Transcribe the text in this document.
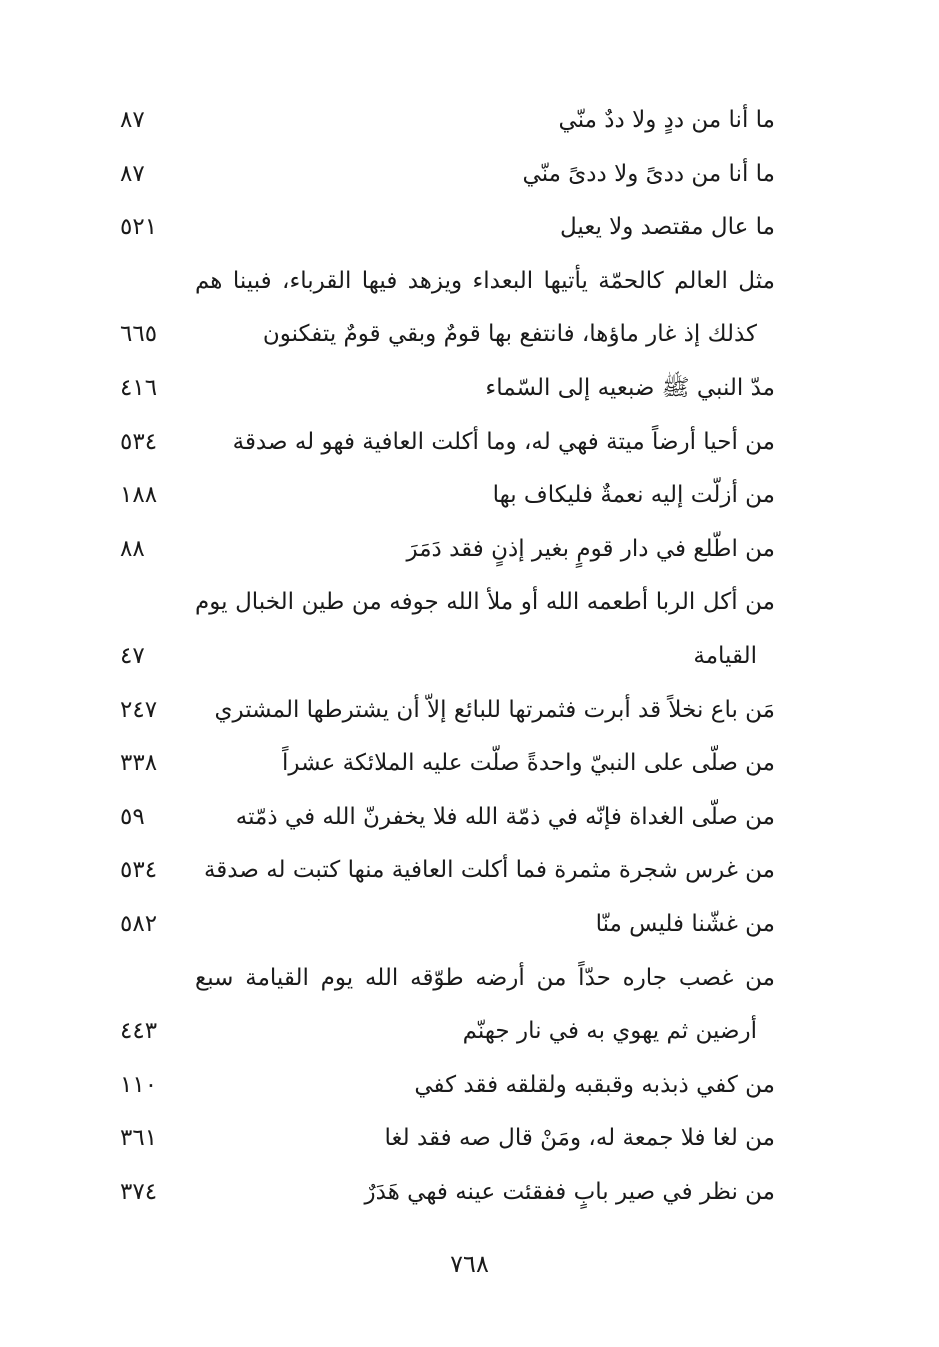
ما أنا من ددٍ ولا ددٌ منّي
٨٧
ما أنا من ددىً ولا ددىً منّي
٨٧
ما عال مقتصد ولا يعيل
٥٢١
مثل العالم كالحمّة يأتيها البعداء ويزهد فيها القرباء، فبينا هم
كذلك إذ غار ماؤها، فانتفع بها قومٌ وبقي قومٌ يتفكنون
٦٦٥
مدّ النبي ﷺ ضبعيه إلى السّماء
٤١٦
من أحيا أرضاً ميتة فهي له، وما أكلت العافية فهو له صدقة
٥٣٤
من أزلّت إليه نعمةٌ فليكاف بها
١٨٨
من اطّلع في دار قومٍ بغير إذنٍ فقد دَمَرَ
٨٨
من أكل الربا أطعمه الله أو ملأ الله جوفه من طين الخبال يوم
القيامة
٤٧
مَن باع نخلاً قد أبرت فثمرتها للبائع إلاّ أن يشترطها المشتري
٢٤٧
من صلّى على النبيّ واحدةً صلّت عليه الملائكة عشراً
٣٣٨
من صلّى الغداة فإنّه في ذمّة الله فلا يخفرنّ الله في ذمّته
٥٩
من غرس شجرة مثمرة فما أكلت العافية منها كتبت له صدقة
٥٣٤
من غشّنا فليس منّا
٥٨٢
من غصب جاره حدّاً من أرضه طوّقه الله يوم القيامة سبع
أرضين ثم يهوي به في نار جهنّم
٤٤٣
من كفي ذبذبه وقبقبه ولقلقه فقد كفي
١١٠
من لغا فلا جمعة له، ومَنْ قال صه فقد لغا
٣٦١
من نظر في صير بابٍ ففقئت عينه فهي هَدَرٌ
٣٧٤
٧٦٨
